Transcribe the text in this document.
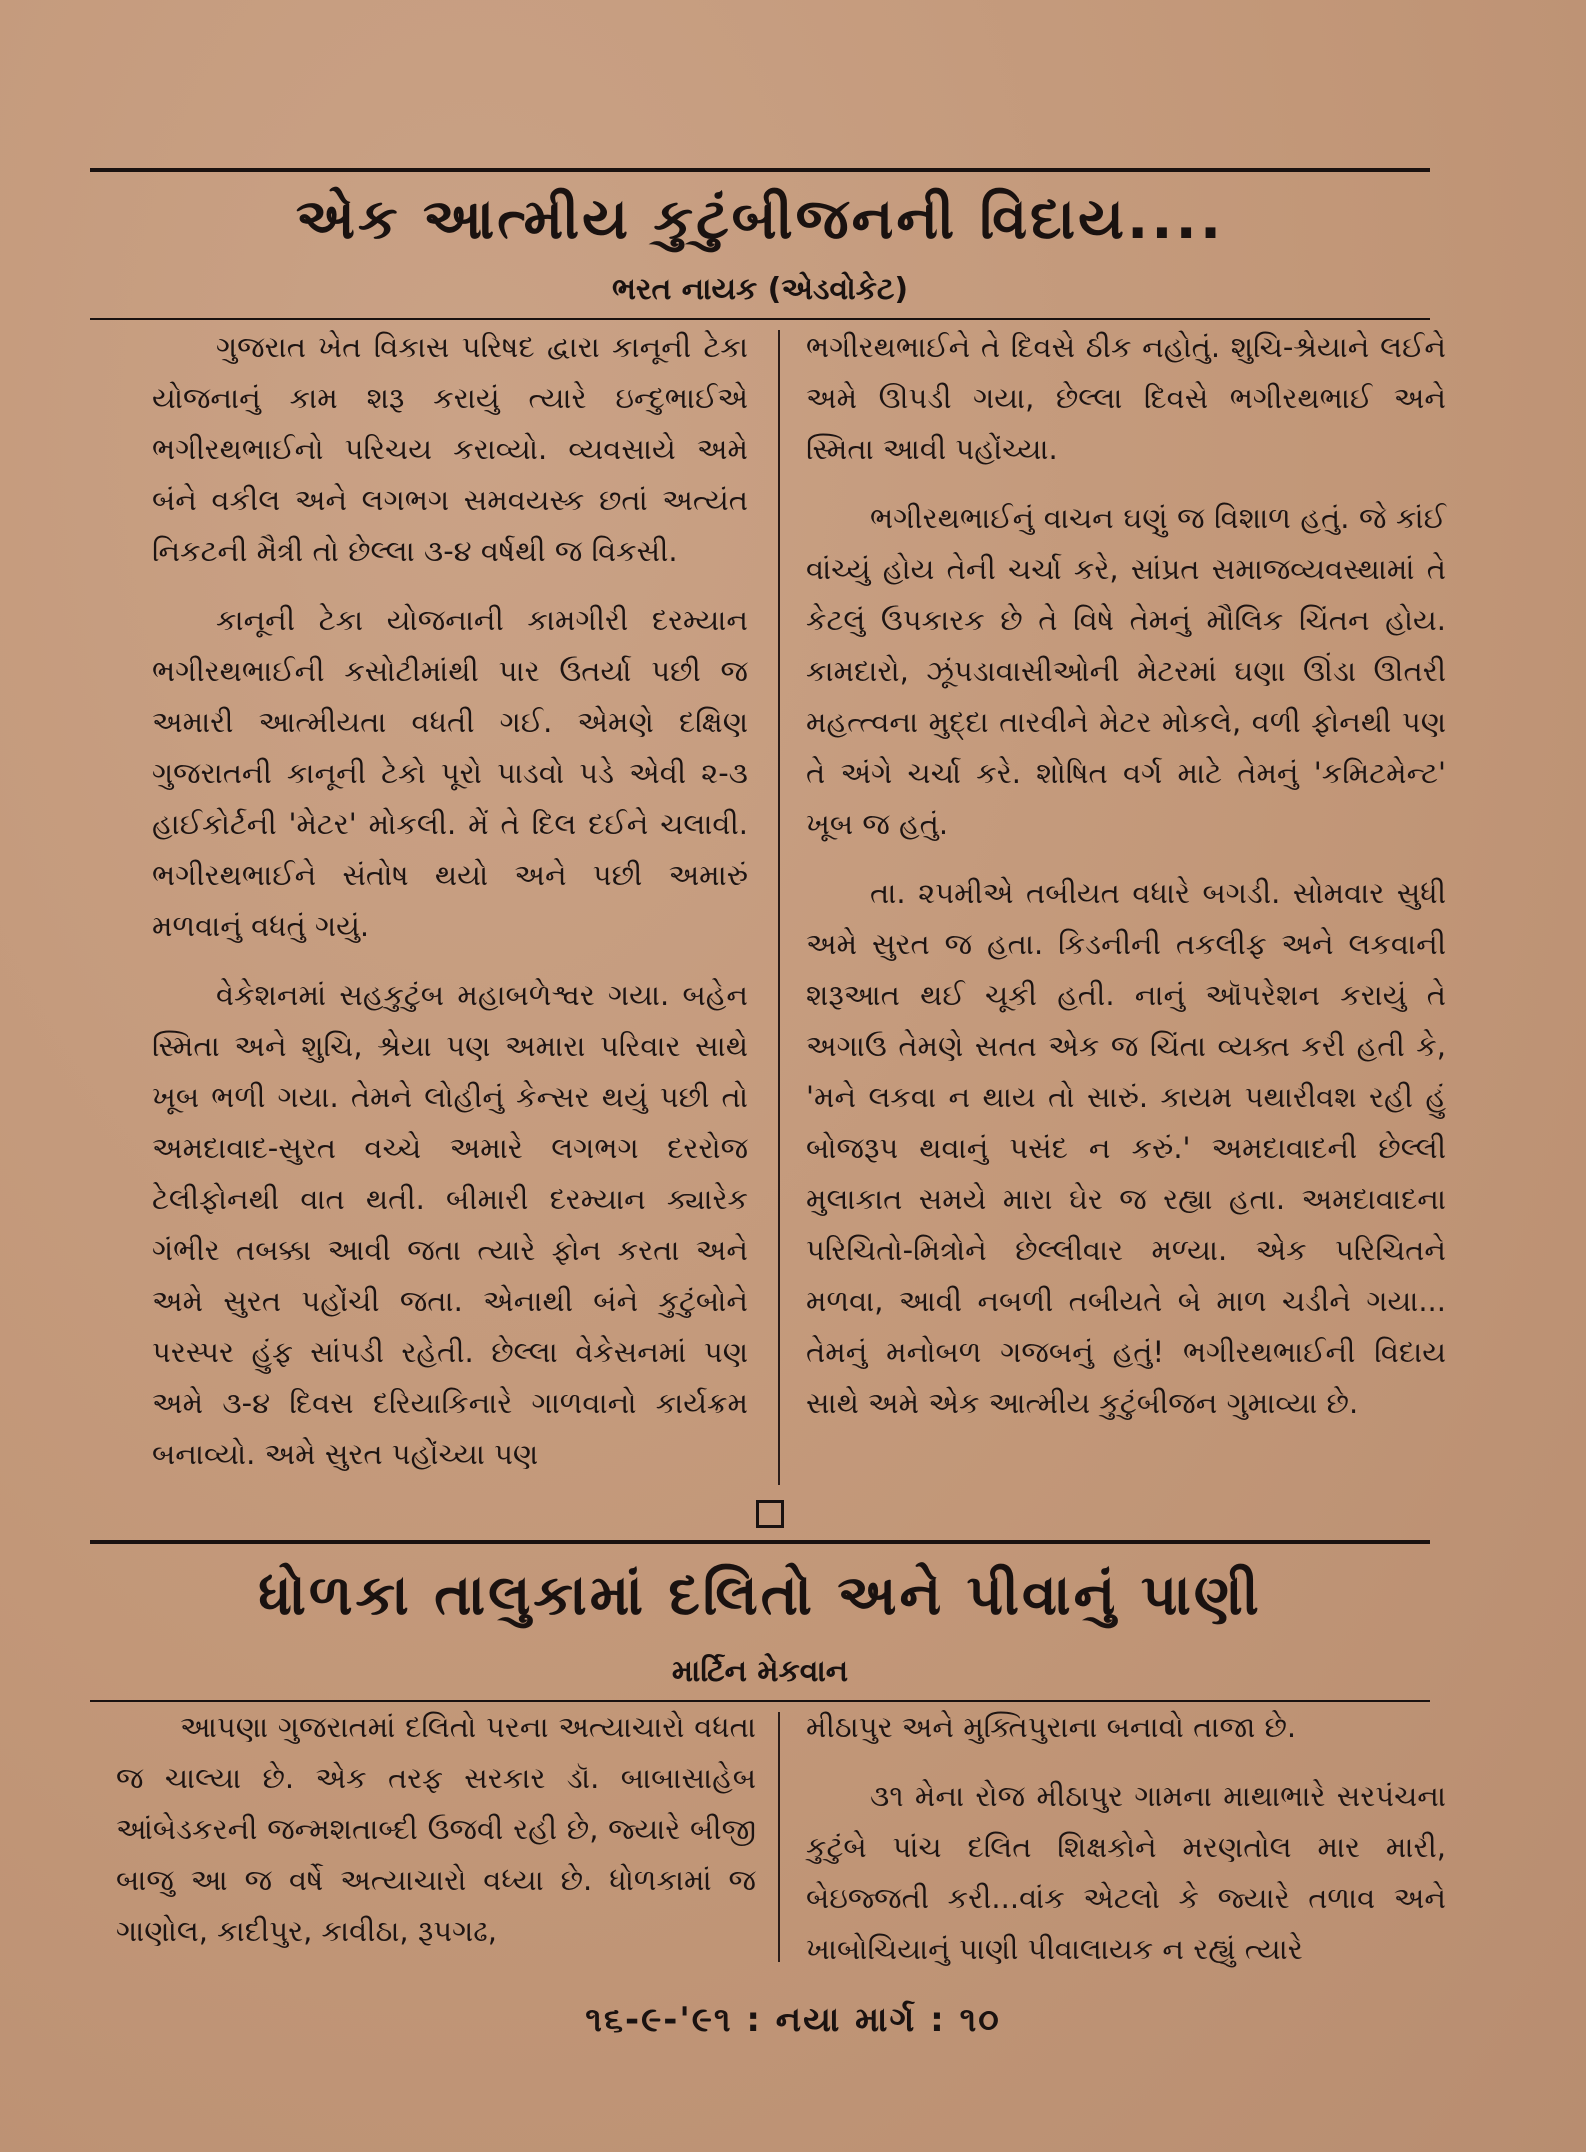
એક આત્મીય કુટુંબીજનની વિદાય....
ભરત નાયક (એડવોકેટ)

ગુજરાત ખેત વિકાસ પરિષદ દ્વારા કાનૂની ટેકા યોજનાનું કામ શરૂ કરાયું ત્યારે ઇન્દુભાઈએ ભગીરથભાઈનો પરિચય કરાવ્યો. વ્યવસાયે અમે બંને વકીલ અને લગભગ સમવયસ્ક છતાં અત્યંત નિકટની મૈત્રી તો છેલ્લા ૩-૪ વર્ષથી જ વિકસી.

કાનૂની ટેકા યોજનાની કામગીરી દરમ્યાન ભગીરથભાઈની કસોટીમાંથી પાર ઉતર્યા પછી જ અમારી આત્મીયતા વધતી ગઈ. એમણે દક્ષિણ ગુજરાતની કાનૂની ટેકો પૂરો પાડવો પડે એવી ૨-૩ હાઈકોર્ટની 'મેટર' મોકલી. મેં તે દિલ દઈને ચલાવી. ભગીરથભાઈને સંતોષ થયો અને પછી અમારું મળવાનું વધતું ગયું.

વેકેશનમાં સહકુટુંબ મહાબળેશ્વર ગયા. બહેન સ્મિતા અને શુચિ, શ્રેયા પણ અમારા પરિવાર સાથે ખૂબ ભળી ગયા. તેમને લોહીનું કેન્સર થયું પછી તો અમદાવાદ-સુરત વચ્ચે અમારે લગભગ દરરોજ ટેલીફોનથી વાત થતી. બીમારી દરમ્યાન ક્યારેક ગંભીર તબક્કા આવી જતા ત્યારે ફોન કરતા અને અમે સુરત પહોંચી જતા. એનાથી બંને કુટુંબોને પરસ્પર હુંફ સાંપડી રહેતી. છેલ્લા વેકેસનમાં પણ અમે ૩-૪ દિવસ દરિયાકિનારે ગાળવાનો કાર્યક્રમ બનાવ્યો. અમે સુરત પહોંચ્યા પણ

ભગીરથભાઈને તે દિવસે ઠીક નહોતું. શુચિ-શ્રેયાને લઈને અમે ઊપડી ગયા, છેલ્લા દિવસે ભગીરથભાઈ અને સ્મિતા આવી પહોંચ્યા.

ભગીરથભાઈનું વાચન ઘણું જ વિશાળ હતું. જે કાંઈ વાંચ્યું હોય તેની ચર્ચા કરે, સાંપ્રત સમાજવ્યવસ્થામાં તે કેટલું ઉપકારક છે તે વિષે તેમનું મૌલિક ચિંતન હોય. કામદારો, ઝૂંપડાવાસીઓની મેટરમાં ઘણા ઊંડા ઊતરી મહત્ત્વના મુદ્દા તારવીને મેટર મોકલે, વળી ફોનથી પણ તે અંગે ચર્ચા કરે. શોષિત વર્ગ માટે તેમનું 'કમિટમેન્ટ' ખૂબ જ હતું.

તા. ૨૫મીએ તબીયત વધારે બગડી. સોમવાર સુધી અમે સુરત જ હતા. કિડનીની તકલીફ અને લકવાની શરૂઆત થઈ ચૂકી હતી. નાનું ઑપરેશન કરાયું તે અગાઉ તેમણે સતત એક જ ચિંતા વ્યક્ત કરી હતી કે, 'મને લકવા ન થાય તો સારું. કાયમ પથારીવશ રહી હું બોજરૂપ થવાનું પસંદ ન કરું.' અમદાવાદની છેલ્લી મુલાકાત સમયે મારા ઘેર જ રહ્યા હતા. અમદાવાદના પરિચિતો-મિત્રોને છેલ્લીવાર મળ્યા. એક પરિચિતને મળવા, આવી નબળી તબીયતે બે માળ ચડીને ગયા... તેમનું મનોબળ ગજબનું હતું! ભગીરથભાઈની વિદાય સાથે અમે એક આત્મીય કુટુંબીજન ગુમાવ્યા છે.

ધોળકા તાલુકામાં દલિતો અને પીવાનું પાણી
માર્ટિન મેકવાન

આપણા ગુજરાતમાં દલિતો પરના અત્યાચારો વધતા જ ચાલ્યા છે. એક તરફ સરકાર ડૉ. બાબાસાહેબ આંબેડકરની જન્મશતાબ્દી ઉજવી રહી છે, જ્યારે બીજી બાજુ આ જ વર્ષે અત્યાચારો વધ્યા છે. ધોળકામાં જ ગાણોલ, કાદીપુર, કાવીઠા, રૂપગઢ,

મીઠાપુર અને મુક્તિપુરાના બનાવો તાજા છે.

૩૧ મેના રોજ મીઠાપુર ગામના માથાભારે સરપંચના કુટુંબે પાંચ દલિત શિક્ષકોને મરણતોલ માર મારી, બેઇજ્જતી કરી...વાંક એટલો કે જ્યારે તળાવ અને ખાબોચિયાનું પાણી પીવાલાયક ન રહ્યું ત્યારે

૧૬-૯-'૯૧ : નયા માર્ગ : ૧૦
